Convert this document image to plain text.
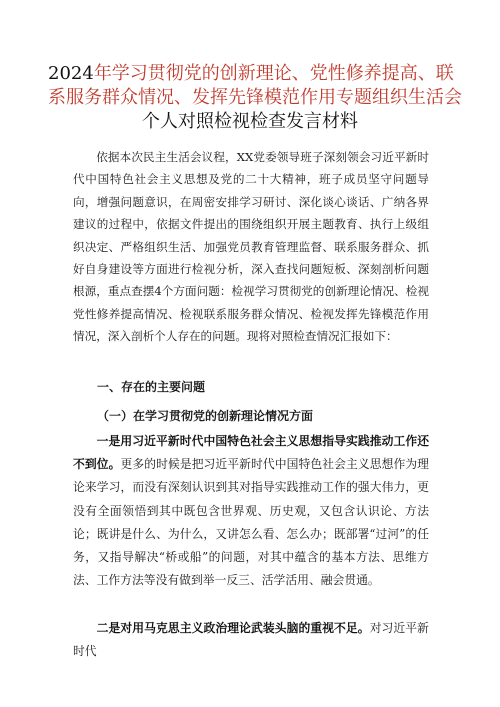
2024年学习贯彻党的创新理论、党性修养提高、联
系服务群众情况、发挥先锋模范作用专题组织生活会
个人对照检视检查发言材料

依据本次民主生活会议程，XX党委领导班子深刻领会习近平新时代中国特色社会主义思想及党的二十大精神，班子成员坚守问题导向，增强问题意识，在周密安排学习研讨、深化谈心谈话、广纳各界建议的过程中，依据文件提出的围绕组织开展主题教育、执行上级组织决定、严格组织生活、加强党员教育管理监督、联系服务群众、抓好自身建设等方面进行检视分析，深入查找问题短板、深刻剖析问题根源，重点查摆4个方面问题：检视学习贯彻党的创新理论情况、检视党性修养提高情况、检视联系服务群众情况、检视发挥先锋模范作用情况，深入剖析个人存在的问题。现将对照检查情况汇报如下：

一、存在的主要问题
（一）在学习贯彻党的创新理论情况方面

一是用习近平新时代中国特色社会主义思想指导实践推动工作还不到位。更多的时候是把习近平新时代中国特色社会主义思想作为理论来学习，而没有深刻认识到其对指导实践推动工作的强大伟力，更没有全面领悟到其中既包含世界观、历史观，又包含认识论、方法论；既讲是什么、为什么，又讲怎么看、怎么办；既部署“过河”的任务，又指导解决“桥或船”的问题，对其中蕴含的基本方法、思维方法、工作方法等没有做到举一反三、活学活用、融会贯通。

二是对用马克思主义政治理论武装头脑的重视不足。对习近平新时代
